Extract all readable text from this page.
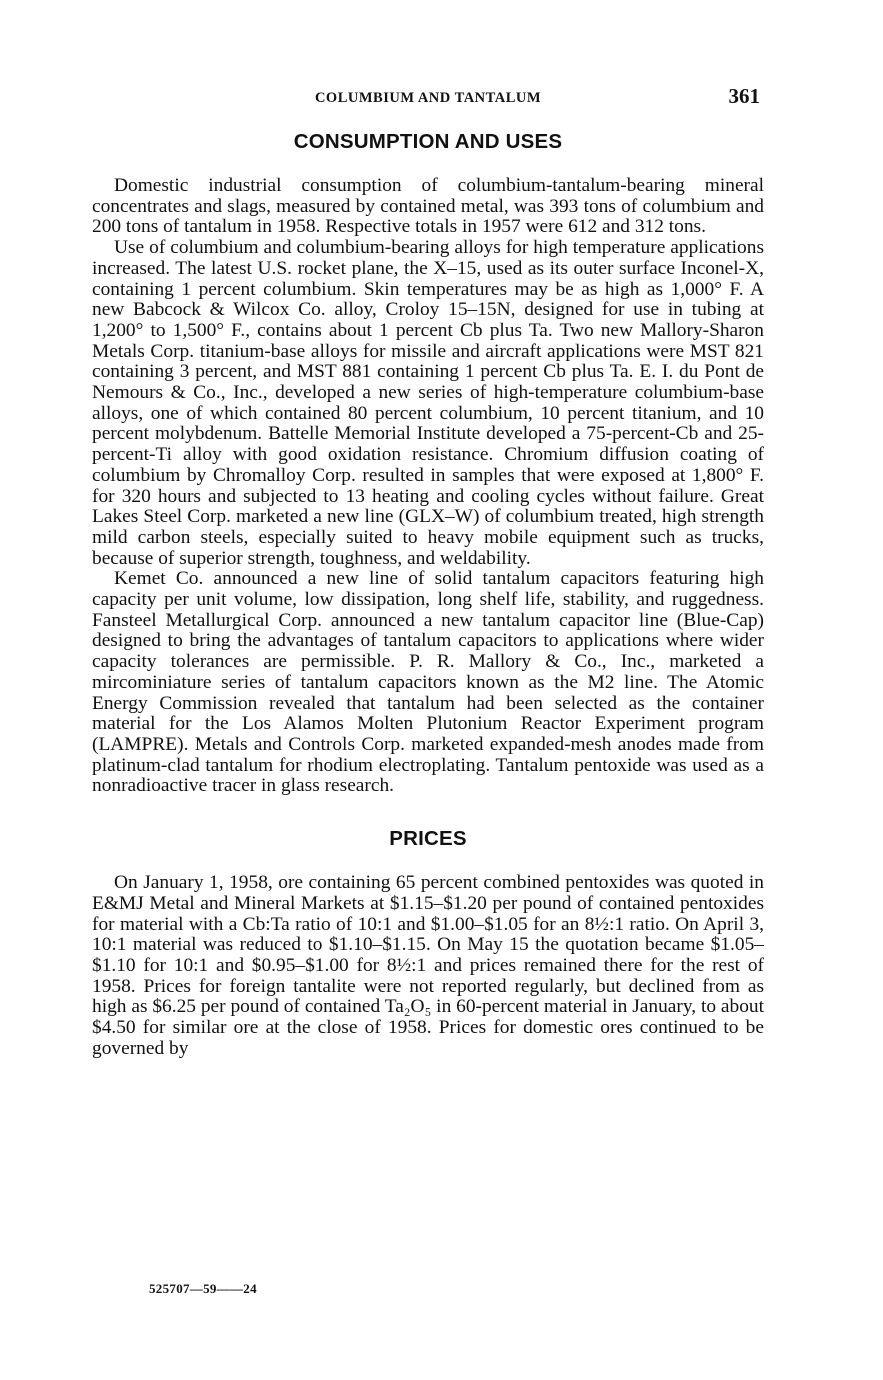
COLUMBIUM AND TANTALUM	361
CONSUMPTION AND USES

Domestic industrial consumption of columbium-tantalum-bearing mineral concentrates and slags, measured by contained metal, was 393 tons of columbium and 200 tons of tantalum in 1958. Respective totals in 1957 were 612 and 312 tons.

Use of columbium and columbium-bearing alloys for high temperature applications increased. The latest U.S. rocket plane, the X–15, used as its outer surface Inconel-X, containing 1 percent columbium. Skin temperatures may be as high as 1,000° F. A new Babcock & Wilcox Co. alloy, Croloy 15–15N, designed for use in tubing at 1,200° to 1,500° F., contains about 1 percent Cb plus Ta. Two new Mallory-Sharon Metals Corp. titanium-base alloys for missile and aircraft applications were MST 821 containing 3 percent, and MST 881 containing 1 percent Cb plus Ta. E. I. du Pont de Nemours & Co., Inc., developed a new series of high-temperature columbium-base alloys, one of which contained 80 percent columbium, 10 percent titanium, and 10 percent molybdenum. Battelle Memorial Institute developed a 75-percent-Cb and 25-percent-Ti alloy with good oxidation resistance. Chromium diffusion coating of columbium by Chromalloy Corp. resulted in samples that were exposed at 1,800° F. for 320 hours and subjected to 13 heating and cooling cycles without failure. Great Lakes Steel Corp. marketed a new line (GLX–W) of columbium treated, high strength mild carbon steels, especially suited to heavy mobile equipment such as trucks, because of superior strength, toughness, and weldability.

Kemet Co. announced a new line of solid tantalum capacitors featuring high capacity per unit volume, low dissipation, long shelf life, stability, and ruggedness. Fansteel Metallurgical Corp. announced a new tantalum capacitor line (Blue-Cap) designed to bring the advantages of tantalum capacitors to applications where wider capacity tolerances are permissible. P. R. Mallory & Co., Inc., marketed a mircominiature series of tantalum capacitors known as the M2 line. The Atomic Energy Commission revealed that tantalum had been selected as the container material for the Los Alamos Molten Plutonium Reactor Experiment program (LAMPRE). Metals and Controls Corp. marketed expanded-mesh anodes made from platinum-clad tantalum for rhodium electroplating. Tantalum pentoxide was used as a nonradioactive tracer in glass research.

PRICES

On January 1, 1958, ore containing 65 percent combined pentoxides was quoted in E&MJ Metal and Mineral Markets at $1.15–$1.20 per pound of contained pentoxides for material with a Cb:Ta ratio of 10:1 and $1.00–$1.05 for an 8½:1 ratio. On April 3, 10:1 material was reduced to $1.10–$1.15. On May 15 the quotation became $1.05–$1.10 for 10:1 and $0.95–$1.00 for 8½:1 and prices remained there for the rest of 1958. Prices for foreign tantalite were not reported regularly, but declined from as high as $6.25 per pound of contained Ta₂O₅ in 60-percent material in January, to about $4.50 for similar ore at the close of 1958. Prices for domestic ores continued to be governed by

525707—59——24
